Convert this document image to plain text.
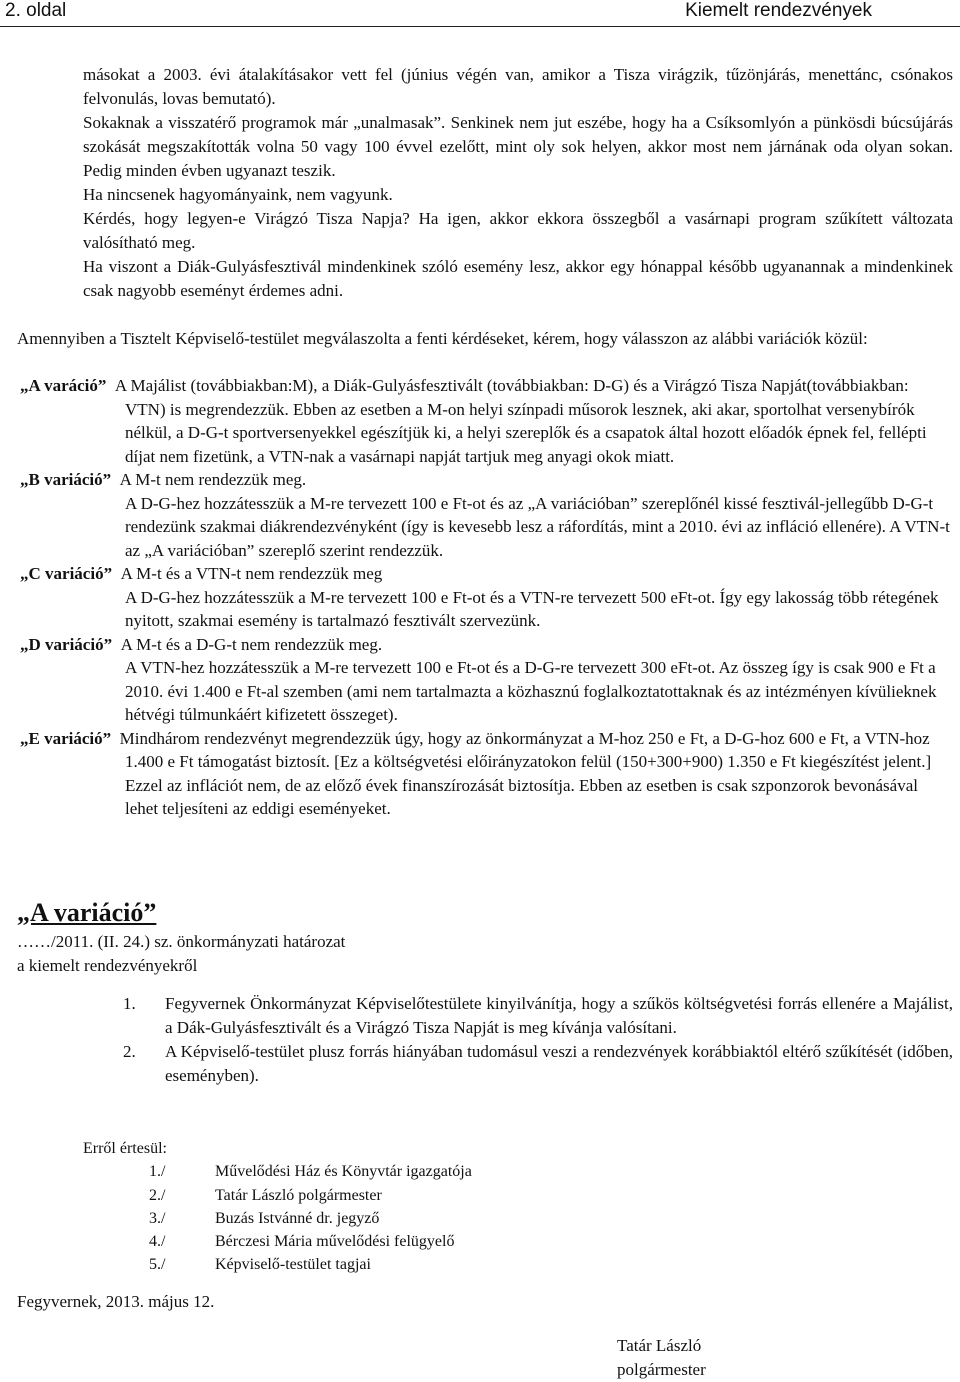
2. oldal	Kiemelt rendezvények

másokat a 2003. évi átalakításakor vett fel (június végén van, amikor a Tisza virágzik, tűzönjárás, menettánc, csónakos felvonulás, lovas bemutató).

Sokaknak a visszatérő programok már „unalmasak”. Senkinek nem jut eszébe, hogy ha a Csíksomlyón a pünkösdi búcsújárás szokását megszakították volna 50 vagy 100 évvel ezelőtt, mint oly sok helyen, akkor most nem járnának oda olyan sokan. Pedig minden évben ugyanazt teszik.

Ha nincsenek hagyományaink, nem vagyunk.

Kérdés, hogy legyen-e Virágzó Tisza Napja? Ha igen, akkor ekkora összegből a vasárnapi program szűkített változata valósítható meg.

Ha viszont a Diák-Gulyásfesztivál mindenkinek szóló esemény lesz, akkor egy hónappal később ugyanannak a mindenkinek csak nagyobb eseményt érdemes adni.

Amennyiben a Tisztelt Képviselő-testület megválaszolta a fenti kérdéseket, kérem, hogy válasszon az alábbi variációk közül:

„A varáció” A Majálist (továbbiakban:M), a Diák-Gulyásfesztivált (továbbiakban: D-G) és a Virágzó Tisza Napját(továbbiakban: VTN) is megrendezzük. Ebben az esetben a M-on helyi színpadi műsorok lesznek, aki akar, sportolhat versenybírók nélkül, a D-G-t sportversenyekkel egészítjük ki, a helyi szereplők és a csapatok által hozott előadók épnek fel, fellépti díjat nem fizetünk, a VTN-nak a vasárnapi napját tartjuk meg anyagi okok miatt.
„B variáció” A M-t nem rendezzük meg.
A D-G-hez hozzátesszük a M-re tervezett 100 e Ft-ot és az „A variációban” szereplőnél kissé fesztivál-jellegűbb D-G-t rendezünk szakmai diákrendezvényként (így is kevesebb lesz a ráfordítás, mint a 2010. évi az infláció ellenére). A VTN-t az „A variációban” szereplő szerint rendezzük.
„C variáció” A M-t és a VTN-t nem rendezzük meg
A D-G-hez hozzátesszük a M-re tervezett 100 e Ft-ot és a VTN-re tervezett 500 eFt-ot. Így egy lakosság több rétegének nyitott, szakmai esemény is tartalmazó fesztivált szervezünk.
„D variáció” A M-t és a D-G-t nem rendezzük meg.
A VTN-hez hozzátesszük a M-re tervezett 100 e Ft-ot és a D-G-re tervezett 300 eFt-ot. Az összeg így is csak 900 e Ft a 2010. évi 1.400 e Ft-al szemben (ami nem tartalmazta a közhasznú foglalkoztatottaknak és az intézményen kívülieknek hétvégi túlmunkáért kifizetett összeget).
„E variáció” Mindhárom rendezvényt megrendezzük úgy, hogy az önkormányzat a M-hoz 250 e Ft, a D-G-hoz 600 e Ft, a VTN-hoz 1.400 e Ft támogatást biztosít. [Ez a költségvetési előirányzatokon felül (150+300+900) 1.350 e Ft kiegészítést jelent.] Ezzel az inflációt nem, de az előző évek finanszírozását biztosítja. Ebben az esetben is csak szponzorok bevonásával lehet teljesíteni az eddigi eseményeket.
„A variáció”
……/2011. (II. 24.) sz. önkormányzati határozat
a kiemelt rendezvényekről
1.	Fegyvernek Önkormányzat Képviselőtestülete kinyilvánítja, hogy a szűkös költségvetési forrás ellenére a Majálist, a Dák-Gulyásfesztivált és a Virágzó Tisza Napját is meg kívánja valósítani.
2.	A Képviselő-testület plusz forrás hiányában tudomásul veszi a rendezvények korábbiaktól eltérő szűkítését (időben, eseményben).
Erről értesül:
1./	Művelődési Ház és Könyvtár igazgatója
2./	Tatár László polgármester
3./	Buzás Istvánné dr. jegyző
4./	Bérczesi Mária művelődési felügyelő
5./	Képviselő-testület tagjai
Fegyvernek, 2013. május 12.
Tatár László
polgármester
